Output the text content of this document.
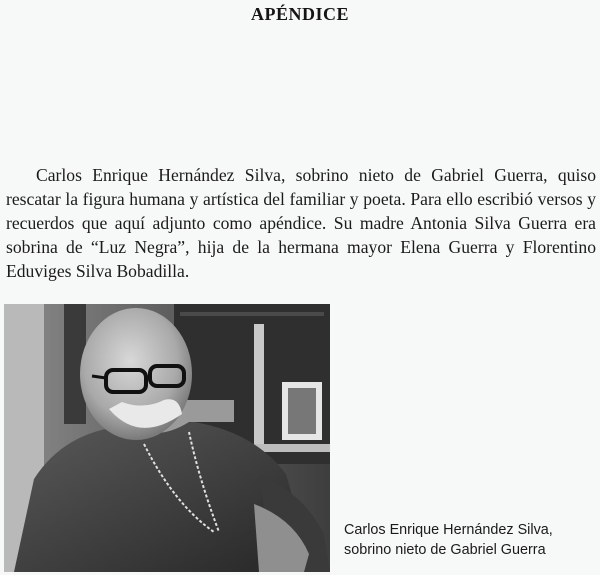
APÉNDICE

Carlos Enrique Hernández Silva, sobrino nieto de Gabriel Guerra, quiso rescatar la figura humana y artística del familiar y poeta. Para ello escribió versos y recuerdos que aquí adjunto como apéndice. Su madre Antonia Silva Guerra era sobrina de “Luz Negra”, hija de la hermana mayor Elena Guerra y Florentino Eduviges Silva Bobadilla.

Carlos Enrique Hernández Silva,
sobrino nieto de Gabriel Guerra
